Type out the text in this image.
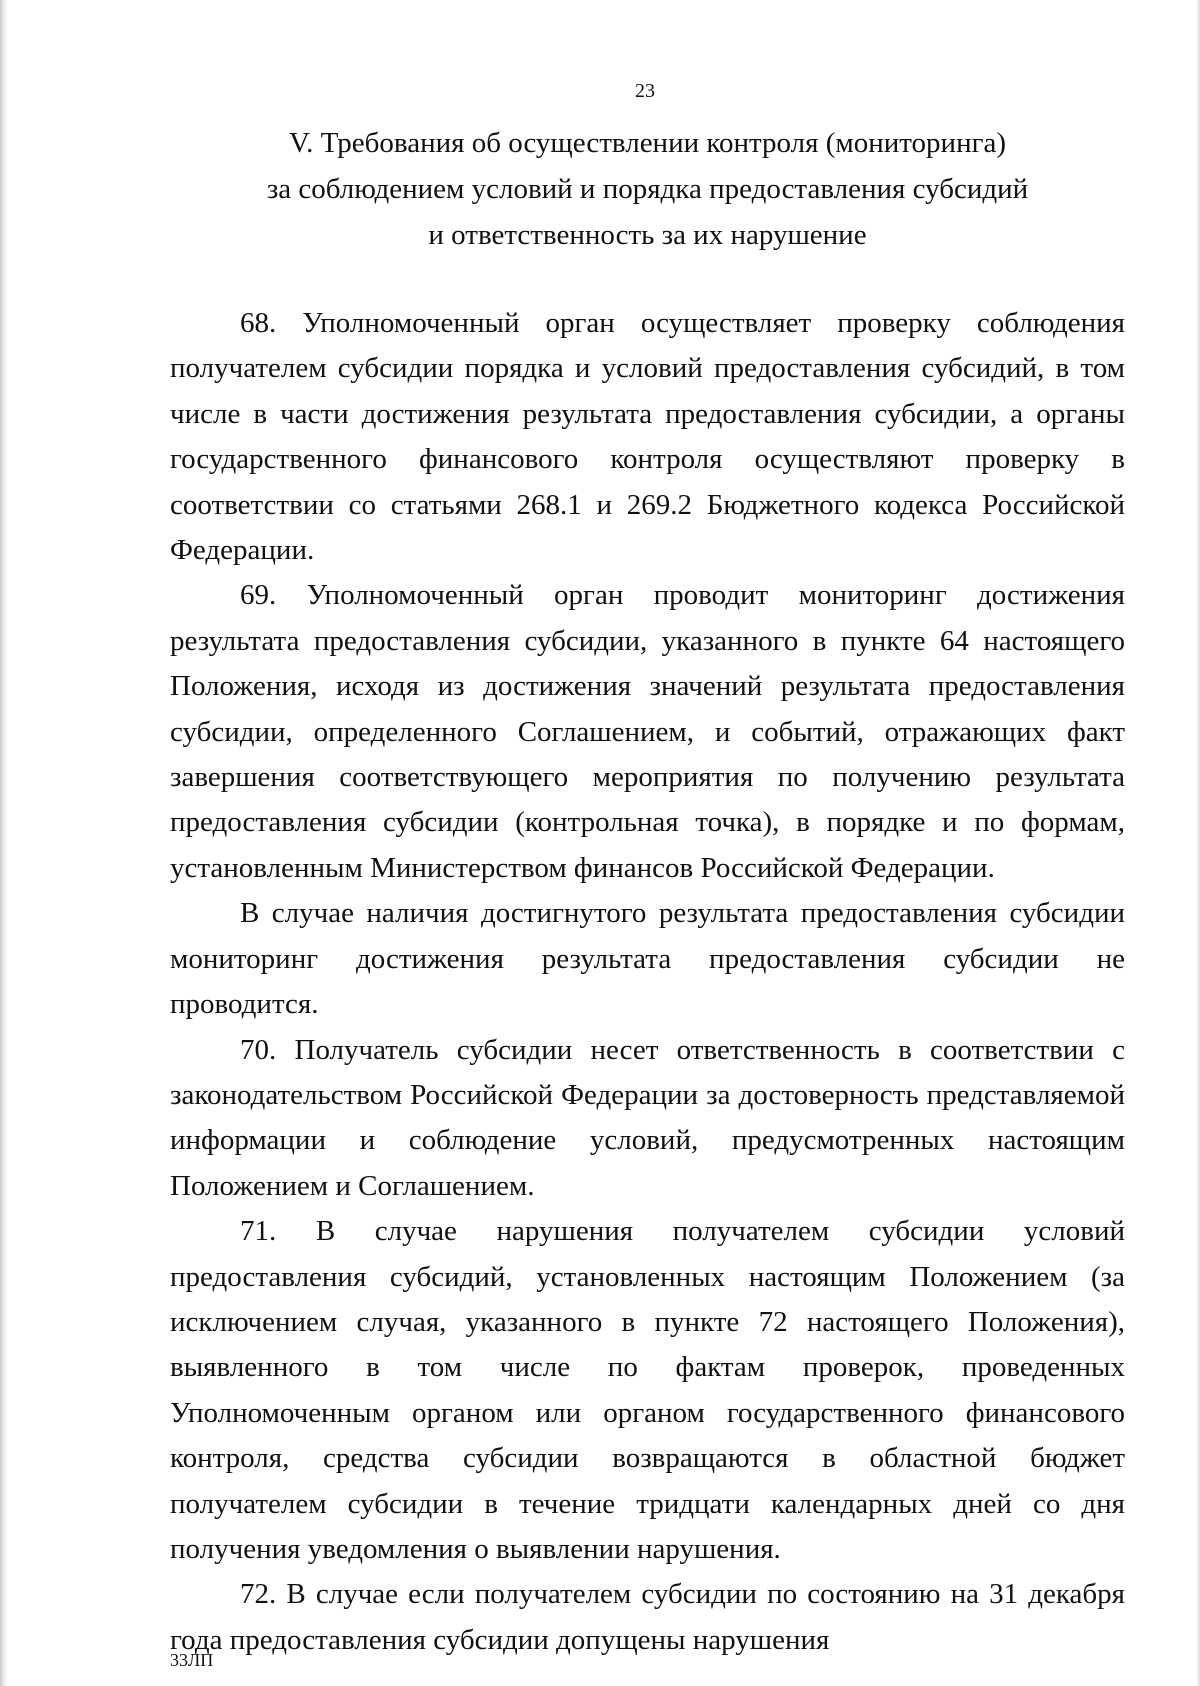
23
V. Требования об осуществлении контроля (мониторинга)
за соблюдением условий и порядка предоставления субсидий
и ответственность за их нарушение

68. Уполномоченный орган осуществляет проверку соблюдения получателем субсидии порядка и условий предоставления субсидий, в том числе в части достижения результата предоставления субсидии, а органы государственного финансового контроля осуществляют проверку в соответствии со статьями 268.1 и 269.2 Бюджетного кодекса Российской Федерации.

69. Уполномоченный орган проводит мониторинг достижения результата предоставления субсидии, указанного в пункте 64 настоящего Положения, исходя из достижения значений результата предоставления субсидии, определенного Соглашением, и событий, отражающих факт завершения соответствующего мероприятия по получению результата предоставления субсидии (контрольная точка), в порядке и по формам, установленным Министерством финансов Российской Федерации.

В случае наличия достигнутого результата предоставления субсидии мониторинг достижения результата предоставления субсидии не проводится.

70. Получатель субсидии несет ответственность в соответствии с законодательством Российской Федерации за достоверность представляемой информации и соблюдение условий, предусмотренных настоящим Положением и Соглашением.

71. В случае нарушения получателем субсидии условий предоставления субсидий, установленных настоящим Положением (за исключением случая, указанного в пункте 72 настоящего Положения), выявленного в том числе по фактам проверок, проведенных Уполномоченным органом или органом государственного финансового контроля, средства субсидии возвращаются в областной бюджет получателем субсидии в течение тридцати календарных дней со дня получения уведомления о выявлении нарушения.

72. В случае если получателем субсидии по состоянию на 31 декабря года предоставления субсидии допущены нарушения

33ЛП
